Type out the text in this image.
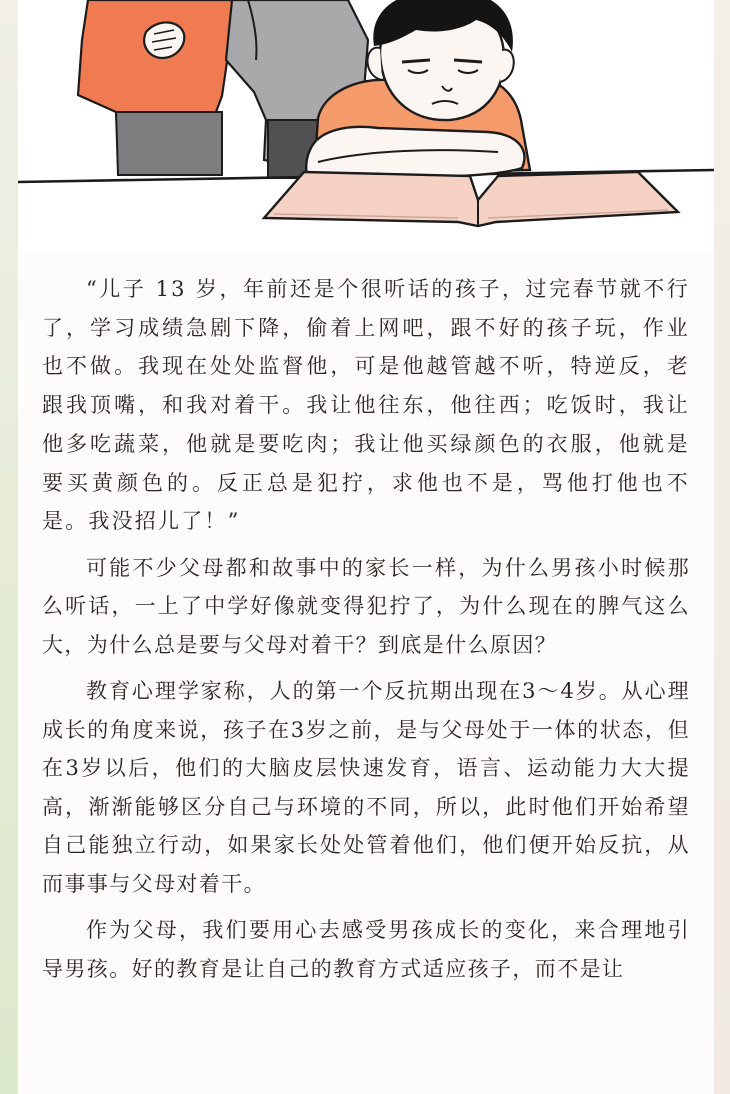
“儿子 13 岁，年前还是个很听话的孩子，过完春节就不行了，学习成绩急剧下降，偷着上网吧，跟不好的孩子玩，作业也不做。我现在处处监督他，可是他越管越不听，特逆反，老跟我顶嘴，和我对着干。我让他往东，他往西；吃饭时，我让他多吃蔬菜，他就是要吃肉；我让他买绿颜色的衣服，他就是要买黄颜色的。反正总是犯拧，求他也不是，骂他打他也不是。我没招儿了！”

可能不少父母都和故事中的家长一样，为什么男孩小时候那么听话，一上了中学好像就变得犯拧了，为什么现在的脾气这么大，为什么总是要与父母对着干？到底是什么原因？

教育心理学家称，人的第一个反抗期出现在3～4岁。从心理成长的角度来说，孩子在3岁之前，是与父母处于一体的状态，但在3岁以后，他们的大脑皮层快速发育，语言、运动能力大大提高，渐渐能够区分自己与环境的不同，所以，此时他们开始希望自己能独立行动，如果家长处处管着他们，他们便开始反抗，从而事事与父母对着干。

作为父母，我们要用心去感受男孩成长的变化，来合理地引导男孩。好的教育是让自己的教育方式适应孩子，而不是让
